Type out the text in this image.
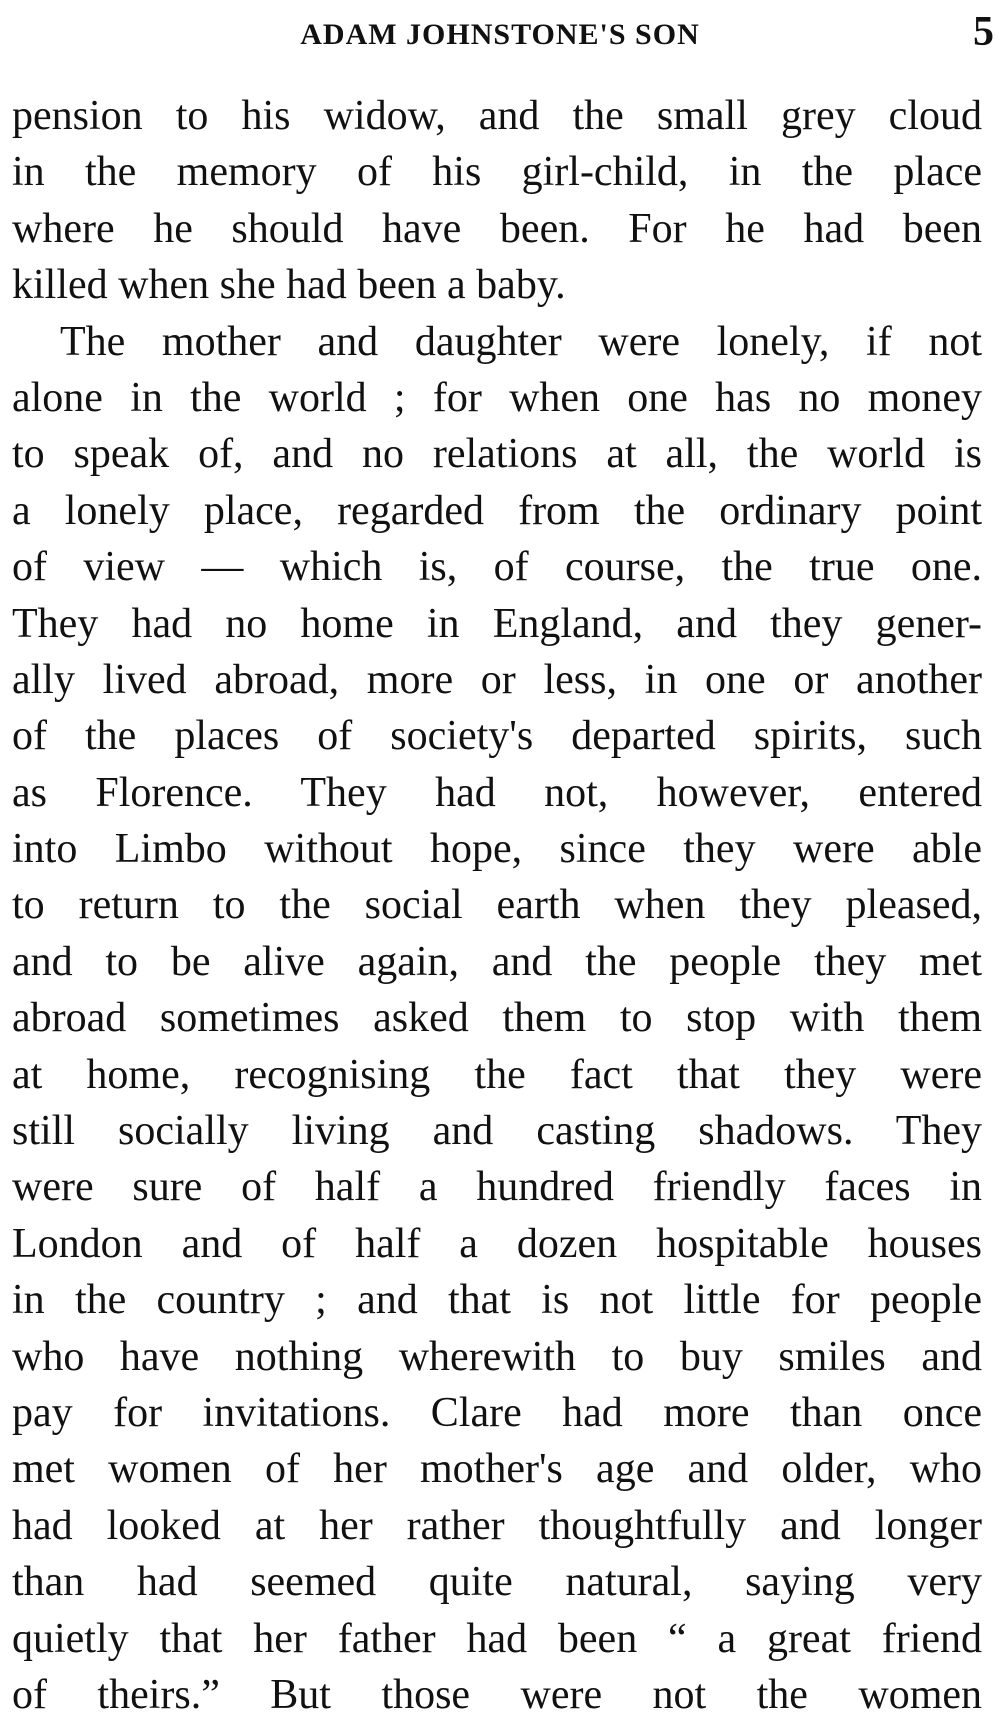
ADAM JOHNSTONE'S SON	5
pension to his widow, and the small grey cloud
in the memory of his girl-child, in the place
where he should have been. For he had been
killed when she had been a baby.
The mother and daughter were lonely, if not
alone in the world ; for when one has no money
to speak of, and no relations at all, the world is
a lonely place, regarded from the ordinary point
of view — which is, of course, the true one.
They had no home in England, and they gener-
ally lived abroad, more or less, in one or another
of the places of society's departed spirits, such
as Florence. They had not, however, entered
into Limbo without hope, since they were able
to return to the social earth when they pleased,
and to be alive again, and the people they met
abroad sometimes asked them to stop with them
at home, recognising the fact that they were
still socially living and casting shadows. They
were sure of half a hundred friendly faces in
London and of half a dozen hospitable houses
in the country ; and that is not little for people
who have nothing wherewith to buy smiles and
pay for invitations. Clare had more than once
met women of her mother's age and older, who
had looked at her rather thoughtfully and longer
than had seemed quite natural, saying very
quietly that her father had been “ a great friend
of theirs.” But those were not the women
